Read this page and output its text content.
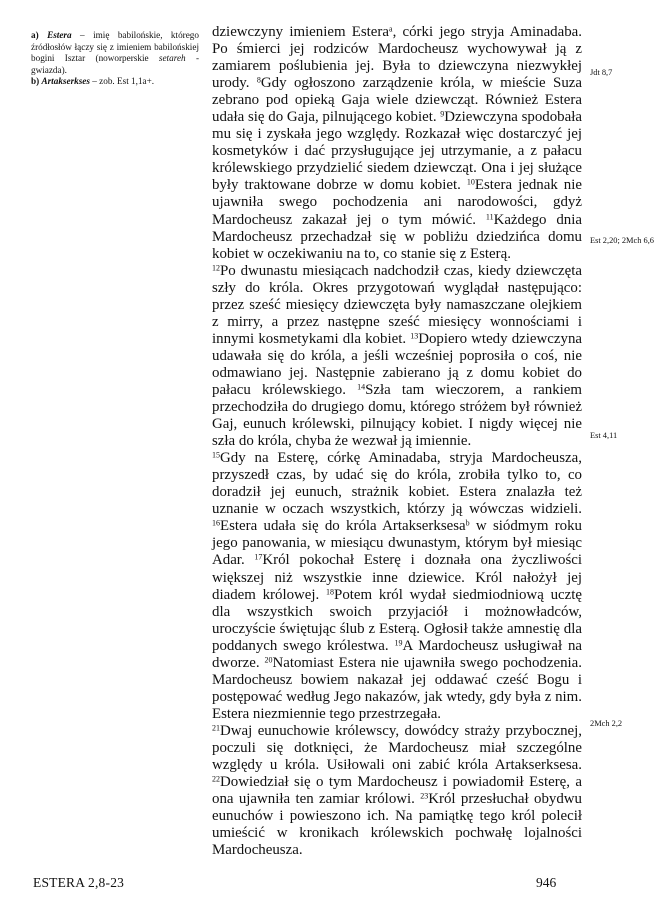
a) Estera – imię babilońskie, którego źródłosłów łączy się z imieniem babilońskiej bogini Isztar (noworperskie setareh - gwiazda).

b) Artakserkses – zob. Est 1,1a+.

dziewczyny imieniem Estera$^a$, córki jego stryja Aminadaba. Po śmierci jej rodziców Mardocheusz wychowywał ją z zamiarem poślubienia jej. Była to dziewczyna niezwykłej urody. $^8$Gdy ogłoszono zarządzenie króla, w mieście Suza zebrano pod opieką Gaja wiele dziewcząt. Również Estera udała się do Gaja, pilnującego kobiet. $^9$Dziewczyna spodobała mu się i zyskała jego względy. Rozkazał więc dostarczyć jej kosmetyków i dać przysługujące jej utrzymanie, a z pałacu królewskiego przydzielić siedem dziewcząt. Ona i jej służące były traktowane dobrze w domu kobiet. $^{10}$Estera jednak nie ujawniła swego pochodzenia ani narodowości, gdyż Mardocheusz zakazał jej o tym mówić. $^{11}$Każdego dnia Mardocheusz przechadzał się w pobliżu dziedzińca domu kobiet w oczekiwaniu na to, co stanie się z Esterą.

$^{12}$Po dwunastu miesiącach nadchodził czas, kiedy dziewczęta szły do króla. Okres przygotowań wyglądał następująco: przez sześć miesięcy dziewczęta były namaszczane olejkiem z mirry, a przez następne sześć miesięcy wonnościami i innymi kosmetykami dla kobiet. $^{13}$Dopiero wtedy dziewczyna udawała się do króla, a jeśli wcześniej poprosiła o coś, nie odmawiano jej. Następnie zabierano ją z domu kobiet do pałacu królewskiego. $^{14}$Szła tam wieczorem, a rankiem przechodziła do drugiego domu, którego stróżem był również Gaj, eunuch królewski, pilnujący kobiet. I nigdy więcej nie szła do króla, chyba że wezwał ją imiennie.

$^{15}$Gdy na Esterę, córkę Aminadaba, stryja Mardocheusza, przyszedł czas, by udać się do króla, zrobiła tylko to, co doradził jej eunuch, strażnik kobiet. Estera znalazła też uznanie w oczach wszystkich, którzy ją wówczas widzieli. $^{16}$Estera udała się do króla Artakserksesa$^b$ w siódmym roku jego panowania, w miesiącu dwunastym, którym był miesiąc Adar. $^{17}$Król pokochał Esterę i doznała ona życzliwości większej niż wszystkie inne dziewice. Król nałożył jej diadem królowej. $^{18}$Potem król wydał siedmiodniową ucztę dla wszystkich swoich przyjaciół i możnowładców, uroczyście świętując ślub z Esterą. Ogłosił także amnestię dla poddanych swego królestwa. $^{19}$A Mardocheusz usługiwał na dworze. $^{20}$Natomiast Estera nie ujawniła swego pochodzenia. Mardocheusz bowiem nakazał jej oddawać cześć Bogu i postępować według Jego nakazów, jak wtedy, gdy była z nim. Estera niezmiennie tego przestrzegała.

$^{21}$Dwaj eunuchowie królewscy, dowódcy straży przybocznej, poczuli się dotknięci, że Mardocheusz miał szczególne względy u króla. Usiłowali oni zabić króla Artakserksesa. $^{22}$Dowiedział się o tym Mardocheusz i powiadomił Esterę, a ona ujawniła ten zamiar królowi. $^{23}$Król przesłuchał obydwu eunuchów i powieszono ich. Na pamiątkę tego król polecił umieścić w kronikach królewskich pochwałę lojalności Mardocheusza.

Jdt 8,7
Est 2,20; 2Mch 6,6
Est 4,11
2Mch 2,2
ESTERA 2,8-23	946
